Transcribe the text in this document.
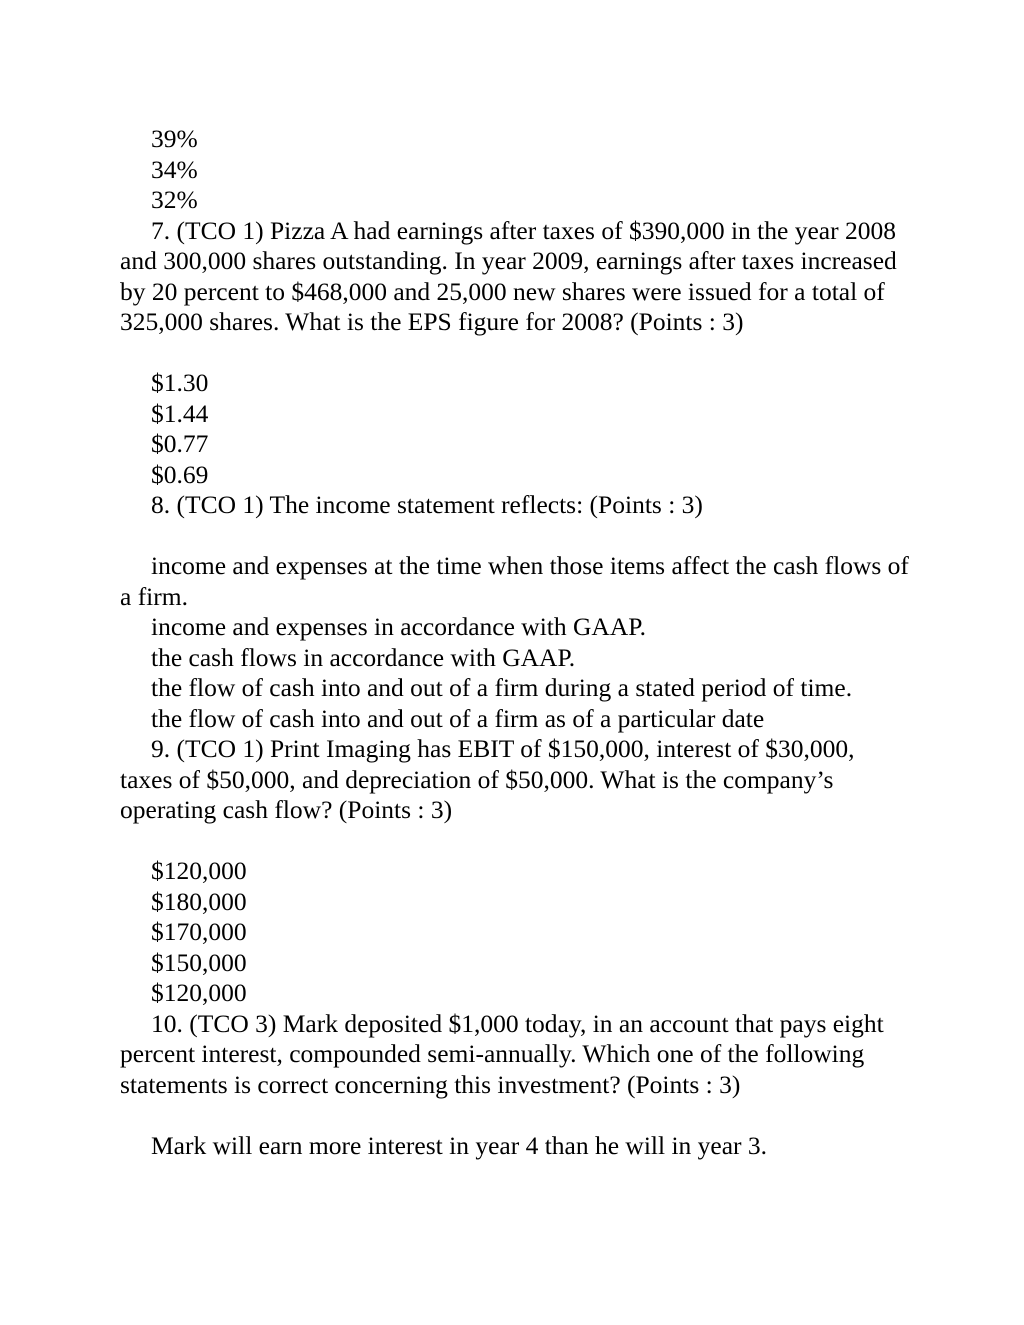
39%

34%

32%

7. (TCO 1) Pizza A had earnings after taxes of $390,000 in the year 2008 and 300,000 shares outstanding. In year 2009, earnings after taxes increased by 20 percent to $468,000 and 25,000 new shares were issued for a total of 325,000 shares. What is the EPS figure for 2008? (Points : 3)

$1.30

$1.44

$0.77

$0.69

8. (TCO 1) The income statement reflects: (Points : 3)

income and expenses at the time when those items affect the cash flows of a firm.

income and expenses in accordance with GAAP.

the cash flows in accordance with GAAP.

the flow of cash into and out of a firm during a stated period of time.

the flow of cash into and out of a firm as of a particular date

9. (TCO 1) Print Imaging has EBIT of $150,000, interest of $30,000, taxes of $50,000, and depreciation of $50,000. What is the company’s operating cash flow? (Points : 3)

$120,000

$180,000

$170,000

$150,000

$120,000

10. (TCO 3) Mark deposited $1,000 today, in an account that pays eight percent interest, compounded semi-annually. Which one of the following statements is correct concerning this investment? (Points : 3)

Mark will earn more interest in year 4 than he will in year 3.
